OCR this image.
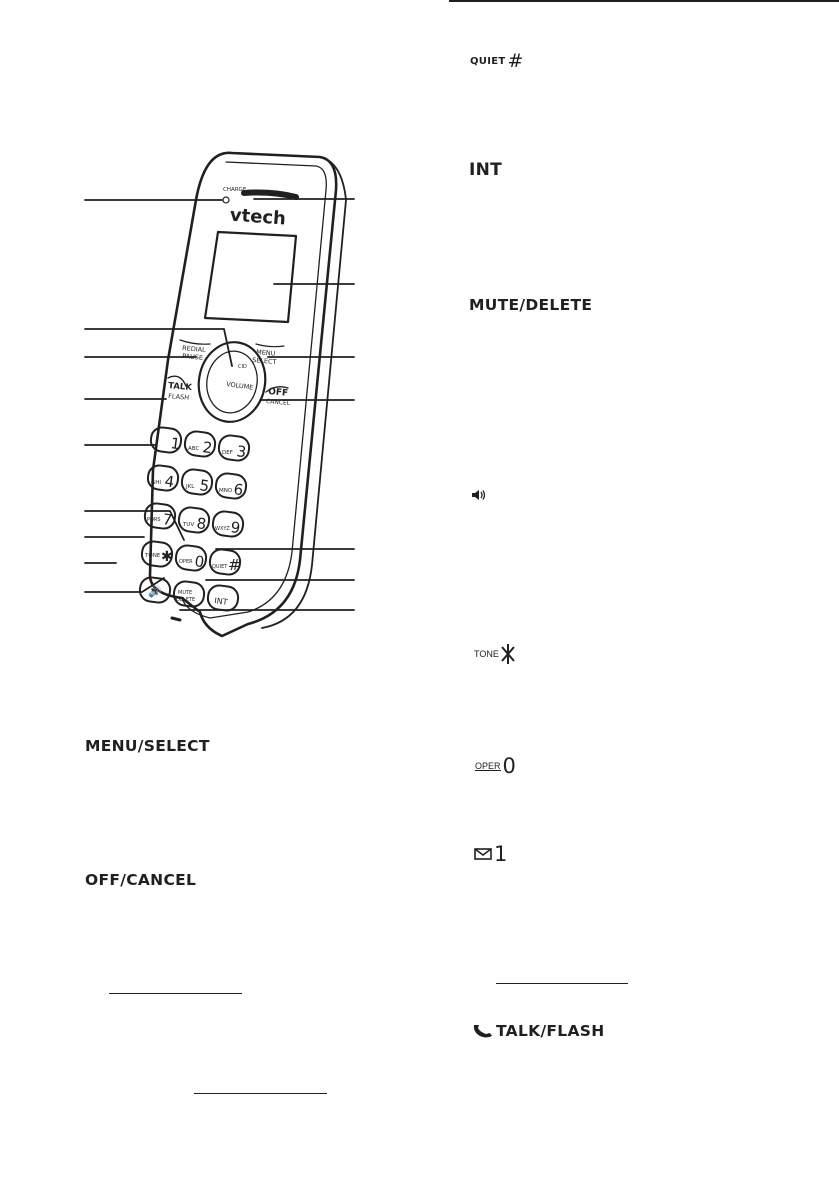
CHARGE
vtech
REDIAL
PAUSE	MENU
SELECT
TALK
FLASH	OFF
CANCEL
VOLUME
CID
1 ABC 2 DEF 3
GHI 4 JKL 5 MNO 6
PQRS 7 TUV 8 WXYZ 9
TONE ✱ OPER 0 QUIET #
🔊	MUTE
DELETE INT
QUIET #
INT
MUTE/DELETE
TONE
OPER 0
1
TALK/FLASH
MENU/SELECT
OFF/CANCEL
